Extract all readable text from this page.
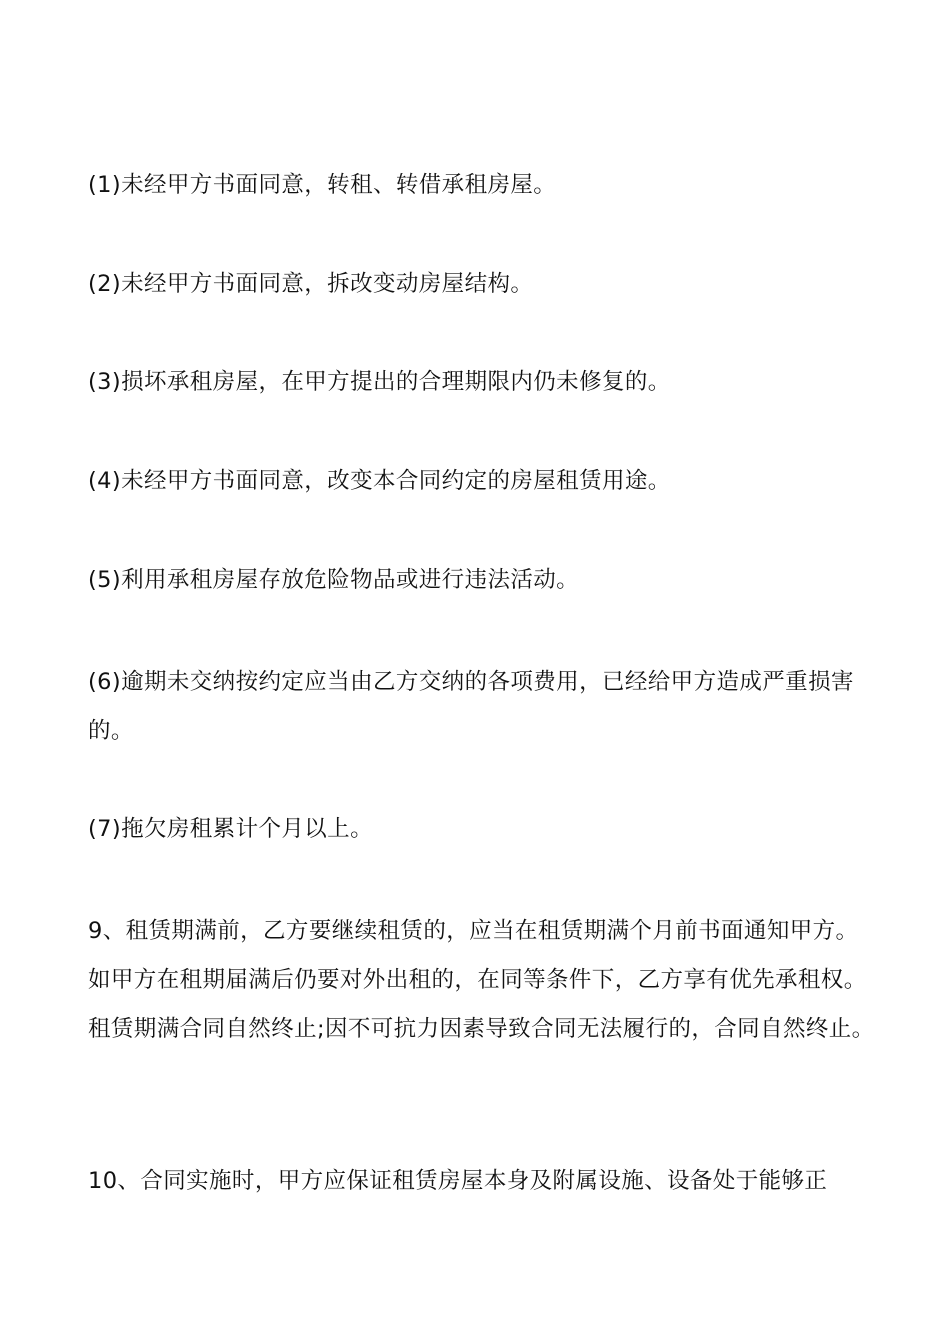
(1)未经甲方书面同意，转租、转借承租房屋。

(2)未经甲方书面同意，拆改变动房屋结构。

(3)损坏承租房屋，在甲方提出的合理期限内仍未修复的。

(4)未经甲方书面同意，改变本合同约定的房屋租赁用途。

(5)利用承租房屋存放危险物品或进行违法活动。

(6)逾期未交纳按约定应当由乙方交纳的各项费用，已经给甲方造成严重损害的。

(7)拖欠房租累计个月以上。

9、租赁期满前，乙方要继续租赁的，应当在租赁期满个月前书面通知甲方。如甲方在租期届满后仍要对外出租的，在同等条件下，乙方享有优先承租权。租赁期满合同自然终止;因不可抗力因素导致合同无法履行的，合同自然终止。

10、合同实施时，甲方应保证租赁房屋本身及附属设施、设备处于能够正
